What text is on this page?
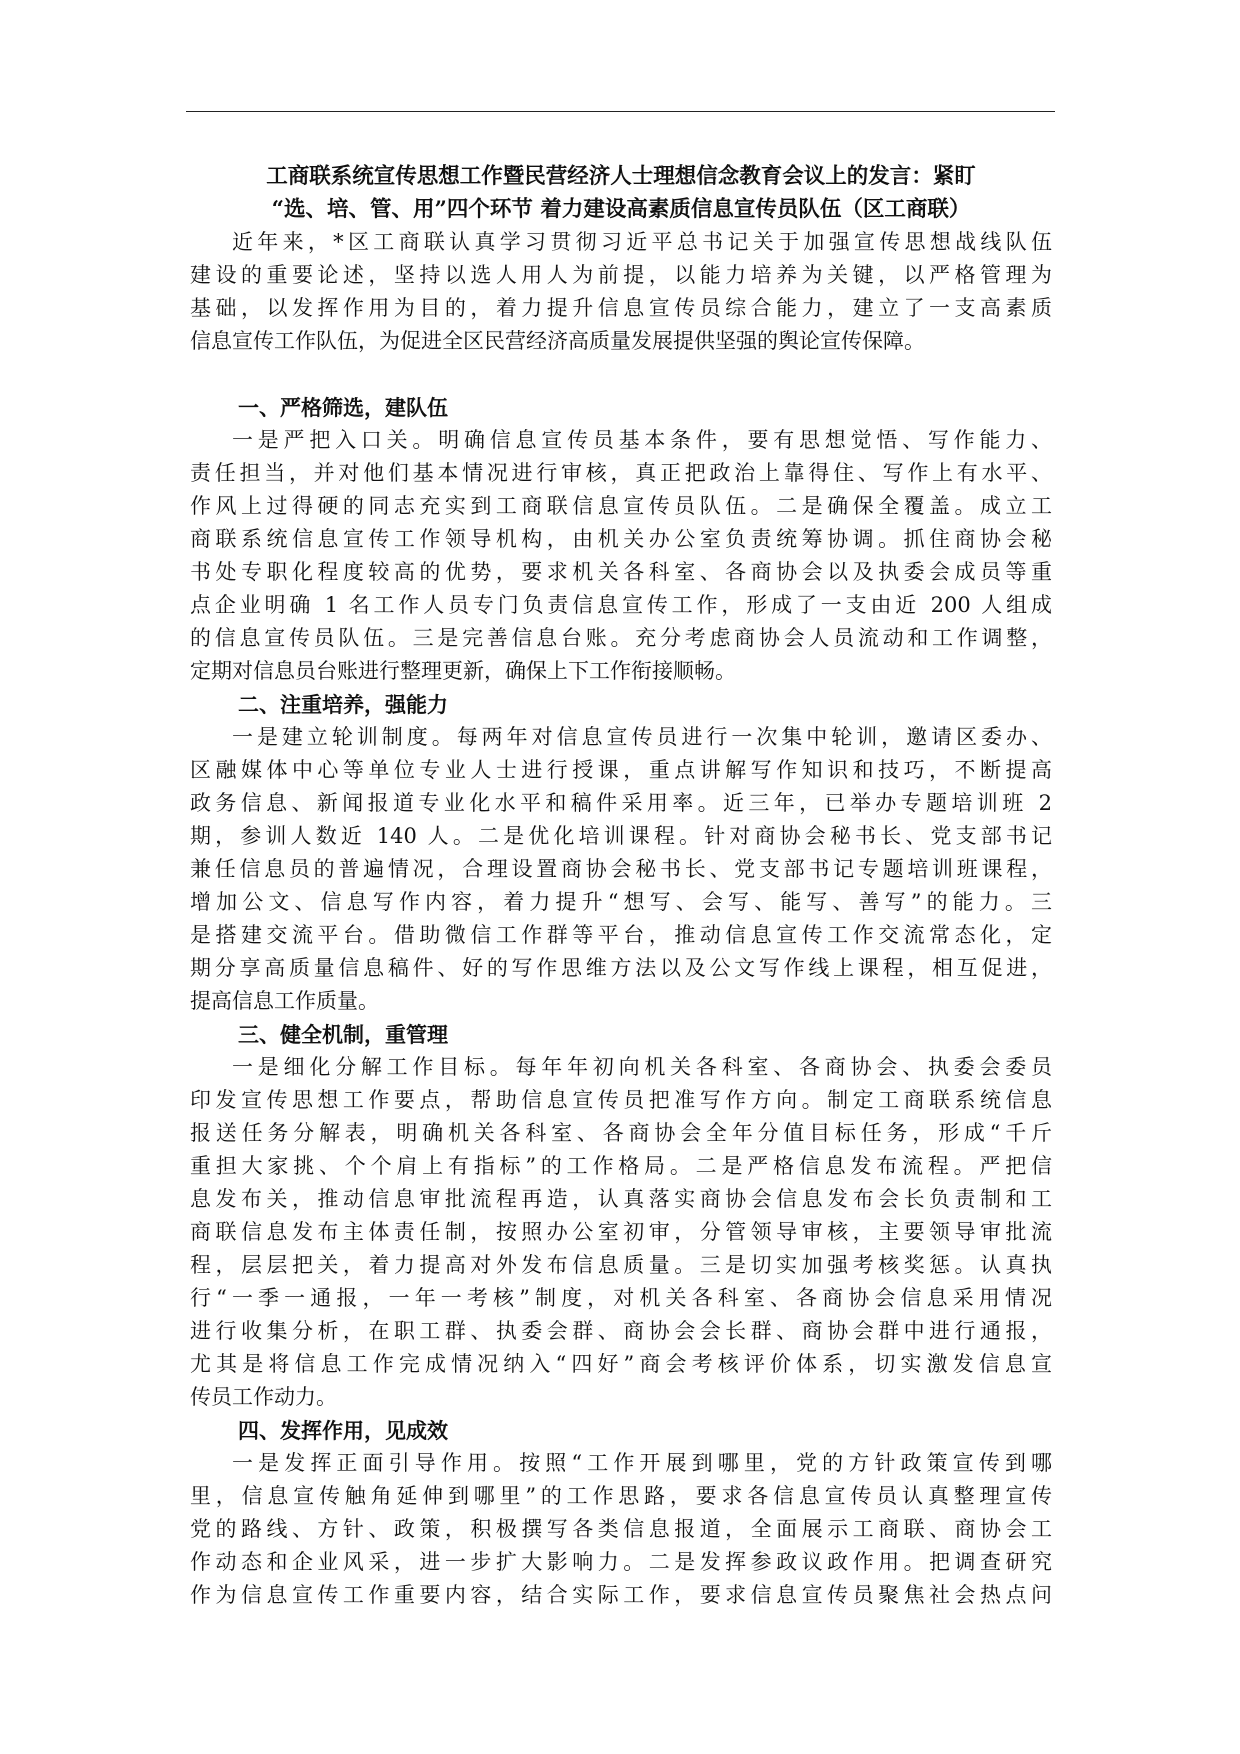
工商联系统宣传思想工作暨民营经济人士理想信念教育会议上的发言：紧盯
“选、培、管、用”四个环节 着力建设高素质信息宣传员队伍（区工商联）
近年来，*区工商联认真学习贯彻习近平总书记关于加强宣传思想战线队伍
建设的重要论述，坚持以选人用人为前提，以能力培养为关键，以严格管理为
基础，以发挥作用为目的，着力提升信息宣传员综合能力，建立了一支高素质
信息宣传工作队伍，为促进全区民营经济高质量发展提供坚强的舆论宣传保障。
一、严格筛选，建队伍
一是严把入口关。明确信息宣传员基本条件，要有思想觉悟、写作能力、
责任担当，并对他们基本情况进行审核，真正把政治上靠得住、写作上有水平、
作风上过得硬的同志充实到工商联信息宣传员队伍。二是确保全覆盖。成立工
商联系统信息宣传工作领导机构，由机关办公室负责统筹协调。抓住商协会秘
书处专职化程度较高的优势，要求机关各科室、各商协会以及执委会成员等重
点企业明确 1 名工作人员专门负责信息宣传工作，形成了一支由近 200 人组成
的信息宣传员队伍。三是完善信息台账。充分考虑商协会人员流动和工作调整，
定期对信息员台账进行整理更新，确保上下工作衔接顺畅。
二、注重培养，强能力
一是建立轮训制度。每两年对信息宣传员进行一次集中轮训，邀请区委办、
区融媒体中心等单位专业人士进行授课，重点讲解写作知识和技巧，不断提高
政务信息、新闻报道专业化水平和稿件采用率。近三年，已举办专题培训班 2
期，参训人数近 140 人。二是优化培训课程。针对商协会秘书长、党支部书记
兼任信息员的普遍情况，合理设置商协会秘书长、党支部书记专题培训班课程，
增加公文、信息写作内容，着力提升“想写、会写、能写、善写”的能力。三
是搭建交流平台。借助微信工作群等平台，推动信息宣传工作交流常态化，定
期分享高质量信息稿件、好的写作思维方法以及公文写作线上课程，相互促进，
提高信息工作质量。
三、健全机制，重管理
一是细化分解工作目标。每年年初向机关各科室、各商协会、执委会委员
印发宣传思想工作要点，帮助信息宣传员把准写作方向。制定工商联系统信息
报送任务分解表，明确机关各科室、各商协会全年分值目标任务，形成“千斤
重担大家挑、个个肩上有指标”的工作格局。二是严格信息发布流程。严把信
息发布关，推动信息审批流程再造，认真落实商协会信息发布会长负责制和工
商联信息发布主体责任制，按照办公室初审，分管领导审核，主要领导审批流
程，层层把关，着力提高对外发布信息质量。三是切实加强考核奖惩。认真执
行“一季一通报，一年一考核”制度，对机关各科室、各商协会信息采用情况
进行收集分析，在职工群、执委会群、商协会会长群、商协会群中进行通报，
尤其是将信息工作完成情况纳入“四好”商会考核评价体系，切实激发信息宣
传员工作动力。
四、发挥作用，见成效
一是发挥正面引导作用。按照“工作开展到哪里，党的方针政策宣传到哪
里，信息宣传触角延伸到哪里”的工作思路，要求各信息宣传员认真整理宣传
党的路线、方针、政策，积极撰写各类信息报道，全面展示工商联、商协会工
作动态和企业风采，进一步扩大影响力。二是发挥参政议政作用。把调查研究
作为信息宣传工作重要内容，结合实际工作，要求信息宣传员聚焦社会热点问
